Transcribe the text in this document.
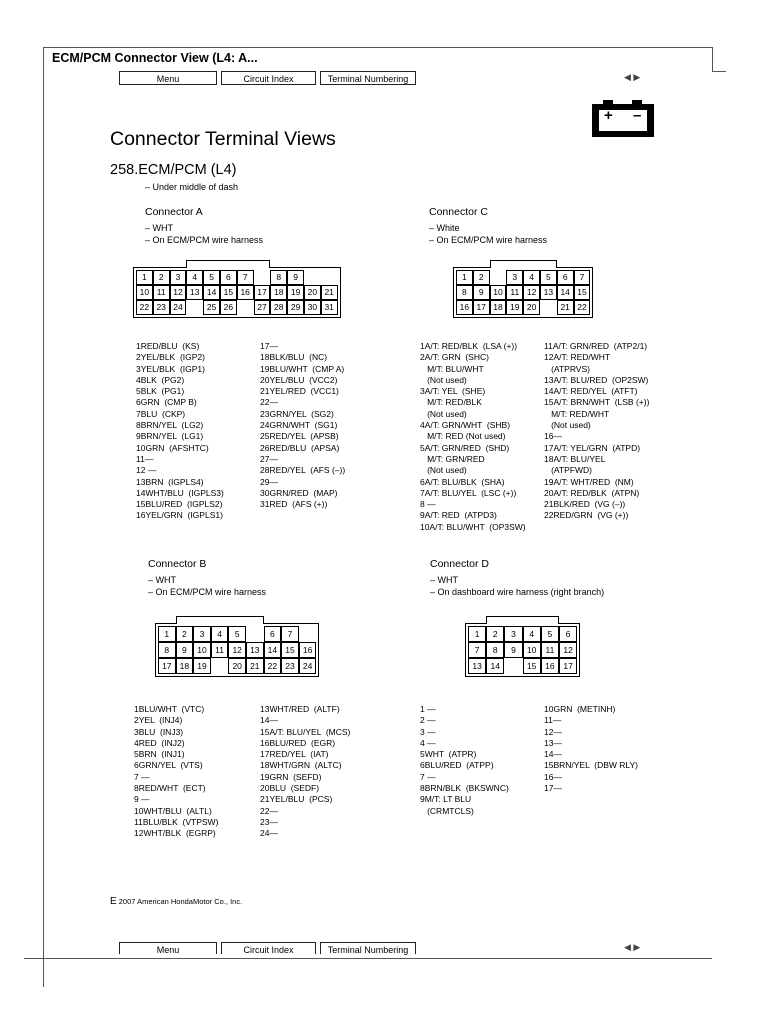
ECM/PCM Connector View (L4: A...
Menu	Circuit Index	Terminal Numbering	◀ ▶
+ –
Connector Terminal Views
258.ECM/PCM (L4)
– Under middle of dash
Connector A
– WHT
– On ECM/PCM wire harness
1	2	3	4	5	6	7	8	9
10 11 12 13 14 15 16 17 18 19 20 21
22 23 24	25 26	27 28 29 30 31
1RED/BLU  (KS)
2YEL/BLK  (IGP2)
3YEL/BLK  (IGP1)
4BLK  (PG2)
5BLK  (PG1)
6GRN  (CMP B)
7BLU  (CKP)
8BRN/YEL  (LG2)
9BRN/YEL  (LG1)
10GRN  (AFSHTC)
11—
12 —
13BRN  (IGPLS4)
14WHT/BLU  (IGPLS3)
15BLU/RED  (IGPLS2)
16YEL/GRN  (IGPLS1)
17—
18BLK/BLU  (NC)
19BLU/WHT  (CMP A)
20YEL/BLU  (VCC2)
21YEL/RED  (VCC1)
22—
23GRN/YEL  (SG2)
24GRN/WHT  (SG1)
25RED/YEL  (APSB)
26RED/BLU  (APSA)
27—
28RED/YEL  (AFS (–))
29—
30GRN/RED  (MAP)
31RED  (AFS (+))
Connector C
– White
– On ECM/PCM wire harness
1	2	3	4	5	6	7
8	9	10 11 12 13 14 15
16 17 18 19 20	21 22
1A/T: RED/BLK  (LSA (+))
2A/T: GRN  (SHC)
M/T: BLU/WHT
(Not used)
3A/T: YEL  (SHE)
M/T: RED/BLK
(Not used)
4A/T: GRN/WHT  (SHB)
M/T: RED (Not used)
5A/T: GRN/RED  (SHD)
M/T: GRN/RED
(Not used)
6A/T: BLU/BLK  (SHA)
7A/T: BLU/YEL  (LSC (+))
8 —
9A/T: RED  (ATPD3)
10A/T: BLU/WHT  (OP3SW)
11A/T: GRN/RED  (ATP2/1)
12A/T: RED/WHT
(ATPRVS)
13A/T: BLU/RED  (OP2SW)
14A/T: RED/YEL  (ATFT)
15A/T: BRN/WHT  (LSB (+))
M/T: RED/WHT
(Not used)
16—
17A/T: YEL/GRN  (ATPD)
18A/T: BLU/YEL
(ATPFWD)
19A/T: WHT/RED  (NM)
20A/T: RED/BLK  (ATPN)
21BLK/RED  (VG (–))
22RED/GRN  (VG (+))
Connector B
– WHT
– On ECM/PCM wire harness
1	2	3	4	5	6	7
8	9	10 11 12 13 14 15 16
17 18 19	20 21 22 23 24
1BLU/WHT  (VTC)
2YEL  (INJ4)
3BLU  (INJ3)
4RED  (INJ2)
5BRN  (INJ1)
6GRN/YEL  (VTS)
7 —
8RED/WHT  (ECT)
9 —
10WHT/BLU  (ALTL)
11BLU/BLK  (VTPSW)
12WHT/BLK  (EGRP)
13WHT/RED  (ALTF)
14—
15A/T: BLU/YEL  (MCS)
16BLU/RED  (EGR)
17RED/YEL  (IAT)
18WHT/GRN  (ALTC)
19GRN  (SEFD)
20BLU  (SEDF)
21YEL/BLU  (PCS)
22—
23—
24—
Connector D
– WHT
– On dashboard wire harness (right branch)
1	2	3	4	5	6
7	8	9	10	11	12
13	14	15	16	17
1 —
2 —
3 —
4 —
5WHT  (ATPR)
6BLU/RED  (ATPP)
7 —
8BRN/BLK  (BKSWNC)
9M/T: LT BLU
(CRMTCLS)
10GRN  (METINH)
11—
12—
13—
14—
15BRN/YEL  (DBW RLY)
16—
17—
E 2007 American HondaMotor Co., Inc.
Menu	Circuit Index	Terminal Numbering	◀ ▶
